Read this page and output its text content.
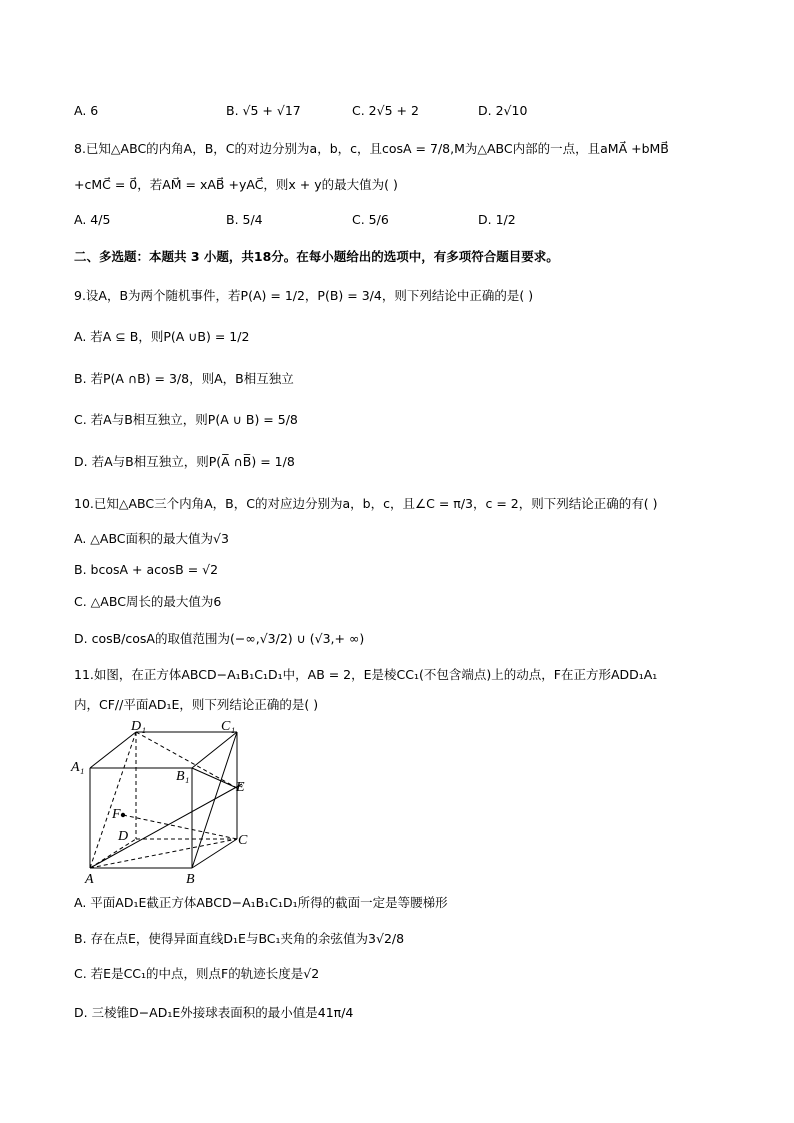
A. 6	B. √5 + √17	C. 2√5 + 2	D. 2√10
8.已知△ABC的内角A，B，C的对边分别为a，b，c，且cosA = 7/8,M为△ABC内部的一点，且aMA⃗ +bMB⃗
+cMC⃗ = 0⃗，若AM⃗ = xAB⃗ +yAC⃗，则x + y的最大值为( )
A. 4/5	B. 5/4	C. 5/6	D. 1/2
二、多选题：本题共 3 小题，共18分。在每小题给出的选项中，有多项符合题目要求。
9.设A，B为两个随机事件，若P(A) = 1/2，P(B) = 3/4，则下列结论中正确的是( )
A. 若A ⊆ B，则P(A ∪B) = 1/2
B. 若P(A ∩B) = 3/8，则A，B相互独立
C. 若A与B相互独立，则P(A ∪ B) = 5/8
D. 若A与B相互独立，则P(A̅ ∩B̅) = 1/8
10.已知△ABC三个内角A，B，C的对应边分别为a，b，c，且∠C = π/3，c = 2，则下列结论正确的有( )
A. △ABC面积的最大值为√3
B. bcosA + acosB = √2
C. △ABC周长的最大值为6
D. cosB/cosA的取值范围为(−∞,√3/2) ∪ (√3,+ ∞)
11.如图，在正方体ABCD−A₁B₁C₁D₁中，AB = 2，E是棱CC₁(不包含端点)上的动点，F在正方形ADD₁A₁
内，CF//平面AD₁E，则下列结论正确的是( )
D₁	C₁
A₁
B₁
E
F
D	C
A	B
A. 平面AD₁E截正方体ABCD−A₁B₁C₁D₁所得的截面一定是等腰梯形
B. 存在点E，使得异面直线D₁E与BC₁夹角的余弦值为3√2/8
C. 若E是CC₁的中点，则点F的轨迹长度是√2
D. 三棱锥D−AD₁E外接球表面积的最小值是41π/4
